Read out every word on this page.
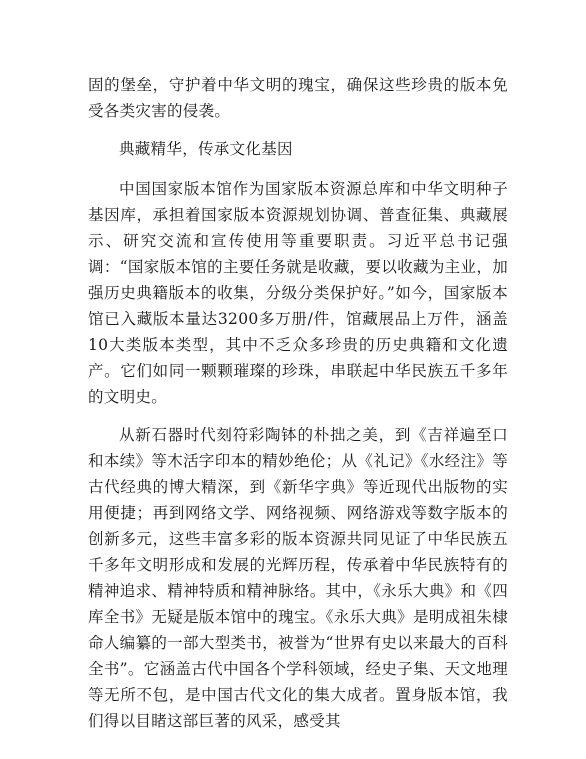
固的堡垒，守护着中华文明的瑰宝，确保这些珍贵的版本免受各类灾害的侵袭。

典藏精华，传承文化基因

中国国家版本馆作为国家版本资源总库和中华文明种子基因库，承担着国家版本资源规划协调、普查征集、典藏展示、研究交流和宣传使用等重要职责。习近平总书记强调：“国家版本馆的主要任务就是收藏，要以收藏为主业，加强历史典籍版本的收集，分级分类保护好。”如今，国家版本馆已入藏版本量达3200多万册/件，馆藏展品上万件，涵盖10大类版本类型，其中不乏众多珍贵的历史典籍和文化遗产。它们如同一颗颗璀璨的珍珠，串联起中华民族五千多年的文明史。

从新石器时代刻符彩陶钵的朴拙之美，到《吉祥遍至口和本续》等木活字印本的精妙绝伦；从《礼记》《水经注》等古代经典的博大精深，到《新华字典》等近现代出版物的实用便捷；再到网络文学、网络视频、网络游戏等数字版本的创新多元，这些丰富多彩的版本资源共同见证了中华民族五千多年文明形成和发展的光辉历程，传承着中华民族特有的精神追求、精神特质和精神脉络。其中，《永乐大典》和《四库全书》无疑是版本馆中的瑰宝。《永乐大典》是明成祖朱棣命人编纂的一部大型类书，被誉为“世界有史以来最大的百科全书”。它涵盖古代中国各个学科领域，经史子集、天文地理等无所不包，是中国古代文化的集大成者。置身版本馆，我们得以目睹这部巨著的风采，感受其
